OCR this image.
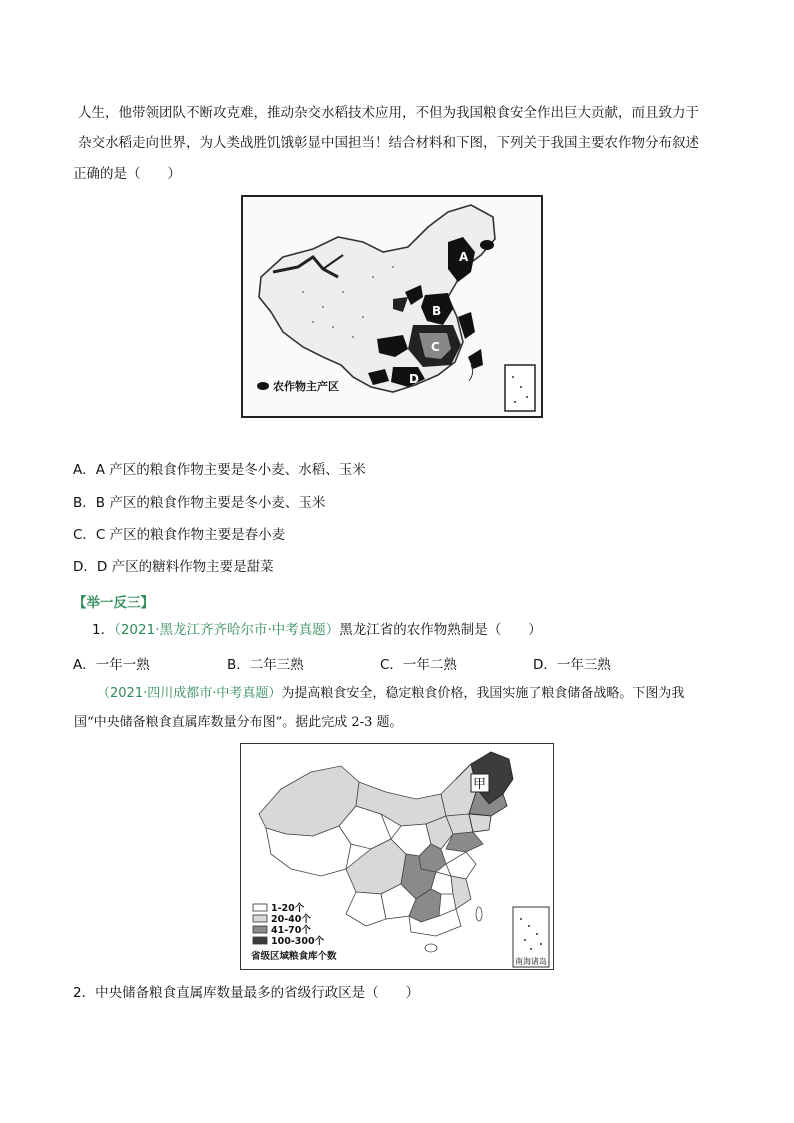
人生，他带领团队不断攻克难，推动杂交水稻技术应用，不但为我国粮食安全作出巨大贡献，而且致力于
杂交水稻走向世界，为人类战胜饥饿彰显中国担当！结合材料和下图，下列关于我国主要农作物分布叙述
正确的是（　　）
A
B
C
D
农作物主产区
A．A 产区的粮食作物主要是冬小麦、水稻、玉米
B．B 产区的粮食作物主要是冬小麦、玉米
C．C 产区的粮食作物主要是春小麦
D．D 产区的糖料作物主要是甜菜
【举一反三】
1．（2021·黑龙江齐齐哈尔市·中考真题）黑龙江省的农作物熟制是（　　）
A．一年一熟	B．二年三熟	C．一年二熟	D．一年三熟
（2021·四川成都市·中考真题）为提高粮食安全，稳定粮食价格，我国实施了粮食储备战略。下图为我
国“中央储备粮食直属库数量分布图”。据此完成 2-3 题。
甲
1-20个
20-40个
41-70个
100-300个
省级区域粮食库个数	南海诸岛
2．中央储备粮食直属库数量最多的省级行政区是（　　）
